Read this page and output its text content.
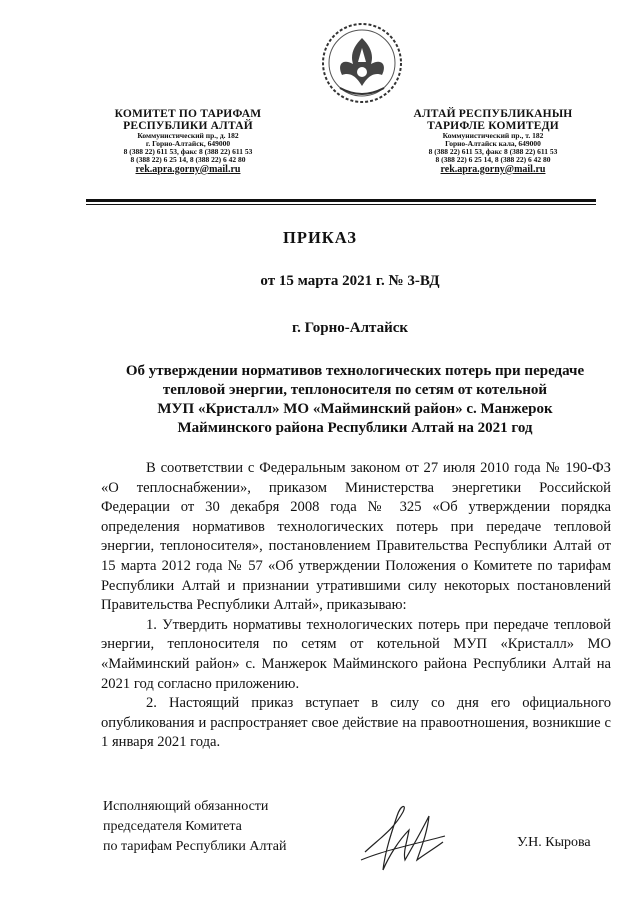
КОМИТЕТ ПО ТАРИФАМ
РЕСПУБЛИКИ АЛТАЙ
Коммунистический пр., д. 182
г. Горно-Алтайск, 649000
8 (388 22) 611 53, факс 8 (388 22) 611 53
8 (388 22) 6 25 14, 8 (388 22) 6 42 80
rek.apra.gorny@mail.ru
АЛТАЙ РЕСПУБЛИКАНЫН
ТАРИФЛЕ КОМИТЕДИ
Коммунистический пр., т. 182
Горно-Алтайск кала, 649000
8 (388 22) 611 53, факс 8 (388 22) 611 53
8 (388 22) 6 25 14, 8 (388 22) 6 42 80
rek.apra.gorny@mail.ru
ПРИКАЗ
от 15 марта 2021 г. № 3-ВД
г. Горно-Алтайск
Об утверждении нормативов технологических потерь при передаче
тепловой энергии, теплоносителя по сетям от котельной
МУП «Кристалл» МО «Майминский район» с. Манжерок
Майминского района Республики Алтай на 2021 год

В соответствии с Федеральным законом от 27 июля 2010 года № 190-ФЗ «О теплоснабжении», приказом Министерства энергетики Российской Федерации от 30 декабря 2008 года № 325 «Об утверждении порядка определения нормативов технологических потерь при передаче тепловой энергии, теплоносителя», постановлением Правительства Республики Алтай от 15 марта 2012 года № 57 «Об утверждении Положения о Комитете по тарифам Республики Алтай и признании утратившими силу некоторых постановлений Правительства Республики Алтай», приказываю:

1. Утвердить нормативы технологических потерь при передаче тепловой энергии, теплоносителя по сетям от котельной МУП «Кристалл» МО «Майминский район» с. Манжерок Майминского района Республики Алтай на 2021 год согласно приложению.

2. Настоящий приказ вступает в силу со дня его официального опубликования и распространяет свое действие на правоотношения, возникшие с 1 января 2021 года.

Исполняющий обязанности
председателя Комитета
по тарифам Республики Алтай	У.Н. Кырова
